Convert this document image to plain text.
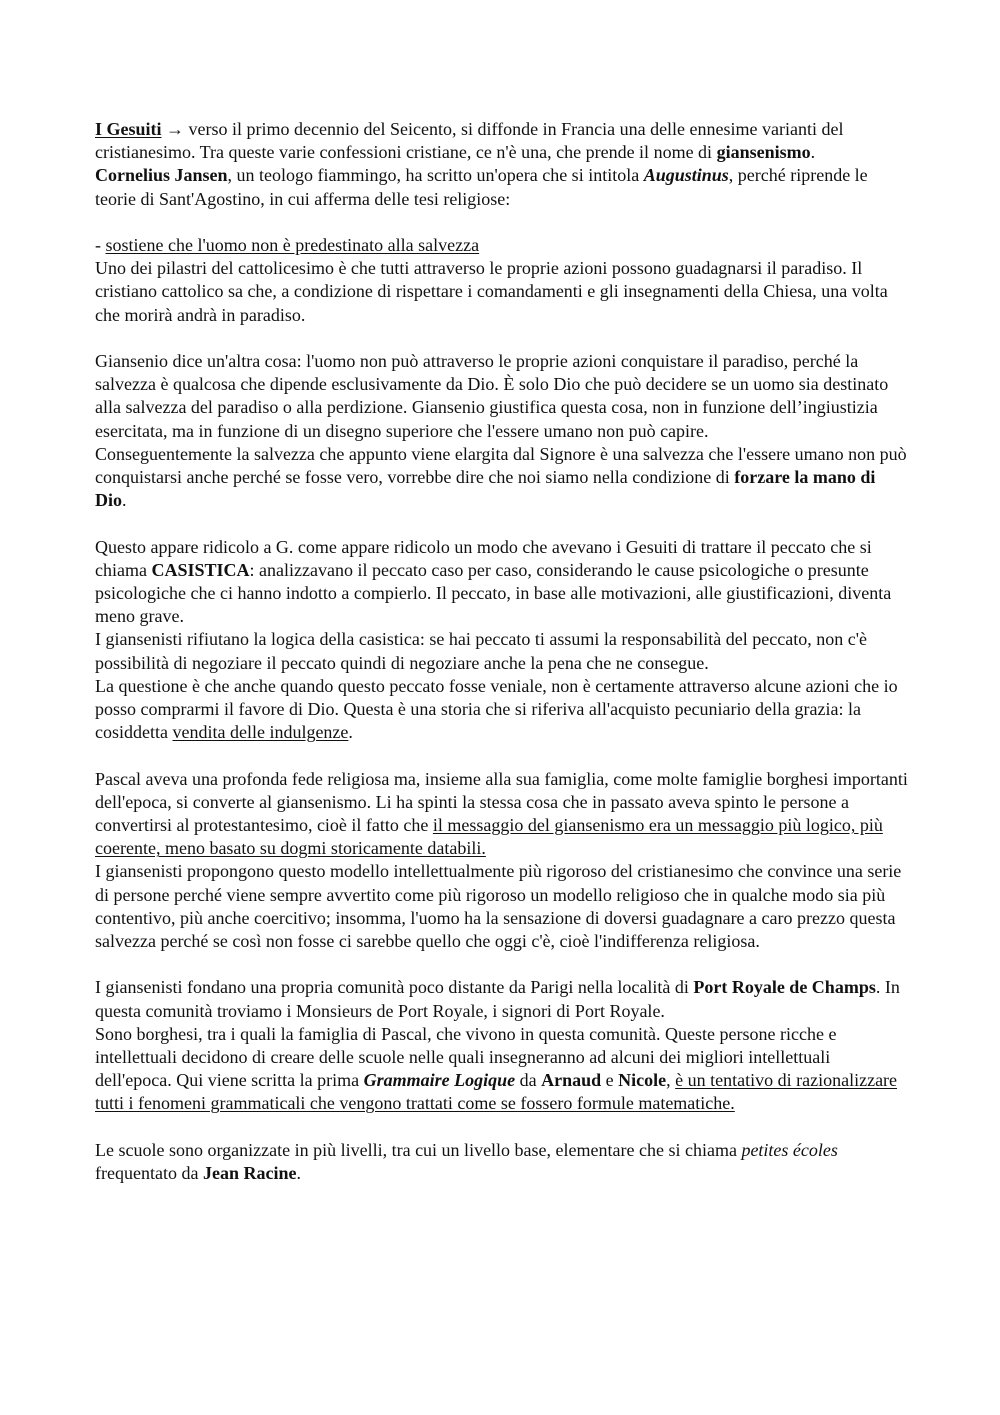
I Gesuiti → verso il primo decennio del Seicento, si diffonde in Francia una delle ennesime varianti del cristianesimo. Tra queste varie confessioni cristiane, ce n'è una, che prende il nome di giansenismo.

Cornelius Jansen, un teologo fiammingo, ha scritto un'opera che si intitola Augustinus, perché riprende le teorie di Sant'Agostino, in cui afferma delle tesi religiose:

- sostiene che l'uomo non è predestinato alla salvezza

Uno dei pilastri del cattolicesimo è che tutti attraverso le proprie azioni possono guadagnarsi il paradiso. Il cristiano cattolico sa che, a condizione di rispettare i comandamenti e gli insegnamenti della Chiesa, una volta che morirà andrà in paradiso.

Giansenio dice un'altra cosa: l'uomo non può attraverso le proprie azioni conquistare il paradiso, perché la salvezza è qualcosa che dipende esclusivamente da Dio. È solo Dio che può decidere se un uomo sia destinato alla salvezza del paradiso o alla perdizione. Giansenio giustifica questa cosa, non in funzione dell’ingiustizia esercitata, ma in funzione di un disegno superiore che l'essere umano non può capire.

Conseguentemente la salvezza che appunto viene elargita dal Signore è una salvezza che l'essere umano non può conquistarsi anche perché se fosse vero, vorrebbe dire che noi siamo nella condizione di forzare la mano di Dio.

Questo appare ridicolo a G. come appare ridicolo un modo che avevano i Gesuiti di trattare il peccato che si chiama CASISTICA: analizzavano il peccato caso per caso, considerando le cause psicologiche o presunte psicologiche che ci hanno indotto a compierlo. Il peccato, in base alle motivazioni, alle giustificazioni, diventa meno grave.

I giansenisti rifiutano la logica della casistica: se hai peccato ti assumi la responsabilità del peccato, non c'è possibilità di negoziare il peccato quindi di negoziare anche la pena che ne consegue.

La questione è che anche quando questo peccato fosse veniale, non è certamente attraverso alcune azioni che io posso comprarmi il favore di Dio. Questa è una storia che si riferiva all'acquisto pecuniario della grazia: la cosiddetta vendita delle indulgenze.

Pascal aveva una profonda fede religiosa ma, insieme alla sua famiglia, come molte famiglie borghesi importanti dell'epoca, si converte al giansenismo. Li ha spinti la stessa cosa che in passato aveva spinto le persone a convertirsi al protestantesimo, cioè il fatto che il messaggio del giansenismo era un messaggio più logico, più coerente, meno basato su dogmi storicamente databili.

I giansenisti propongono questo modello intellettualmente più rigoroso del cristianesimo che convince una serie di persone perché viene sempre avvertito come più rigoroso un modello religioso che in qualche modo sia più contentivo, più anche coercitivo; insomma, l'uomo ha la sensazione di doversi guadagnare a caro prezzo questa salvezza perché se così non fosse ci sarebbe quello che oggi c'è, cioè l'indifferenza religiosa.

I giansenisti fondano una propria comunità poco distante da Parigi nella località di Port Royale de Champs. In questa comunità troviamo i Monsieurs de Port Royale, i signori di Port Royale.

Sono borghesi, tra i quali la famiglia di Pascal, che vivono in questa comunità. Queste persone ricche e intellettuali decidono di creare delle scuole nelle quali insegneranno ad alcuni dei migliori intellettuali dell'epoca. Qui viene scritta la prima Grammaire Logique da Arnaud e Nicole, è un tentativo di razionalizzare tutti i fenomeni grammaticali che vengono trattati come se fossero formule matematiche.

Le scuole sono organizzate in più livelli, tra cui un livello base, elementare che si chiama petites écoles frequentato da Jean Racine.
